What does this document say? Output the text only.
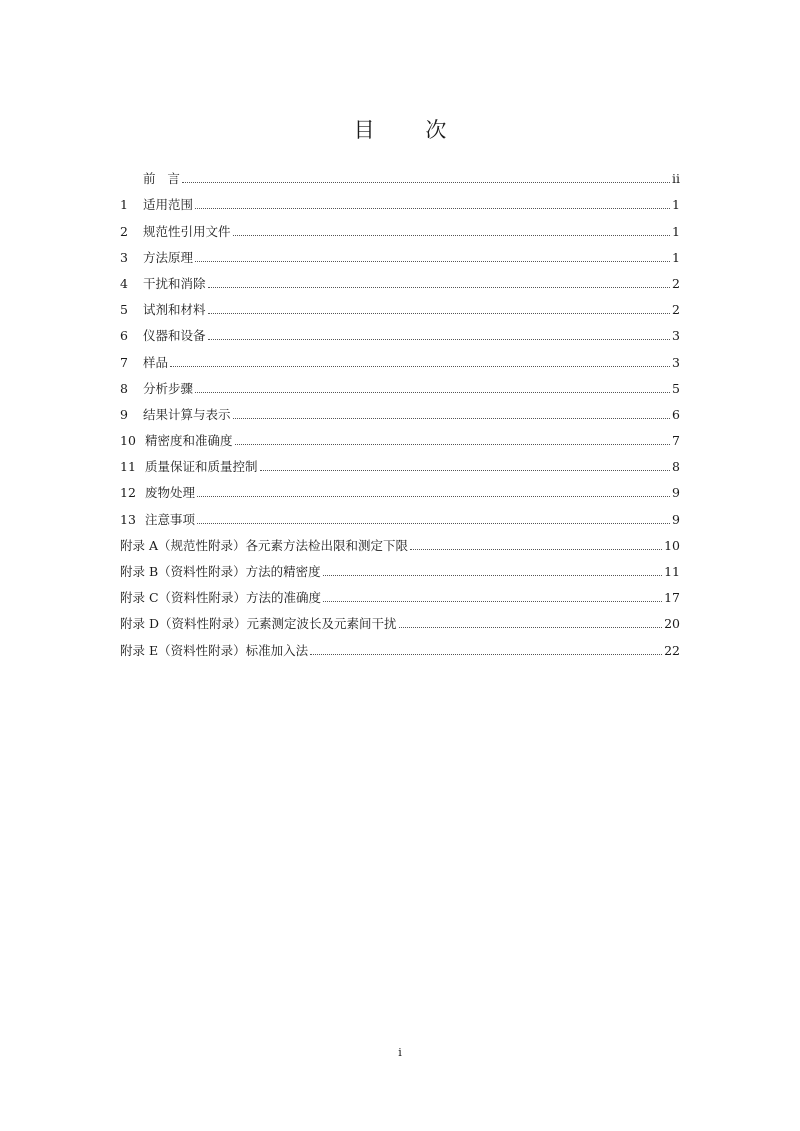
目 次
前   言	ii
1	适用范围	1
2	规范性引用文件	1
3	方法原理	1
4	干扰和消除	2
5	试剂和材料	2
6	仪器和设备	3
7	样品	3
8	分析步骤	5
9	结果计算与表示	6
10 精密度和准确度	7
11 质量保证和质量控制	8
12 废物处理	9
13 注意事项	9
附录 A （规范性附录）各元素方法检出限和测定下限	10
附录 B （资料性附录）方法的精密度	11
附录 C （资料性附录）方法的准确度	17
附录 D （资料性附录）元素测定波长及元素间干扰	20
附录 E （资料性附录）标准加入法	22
i
